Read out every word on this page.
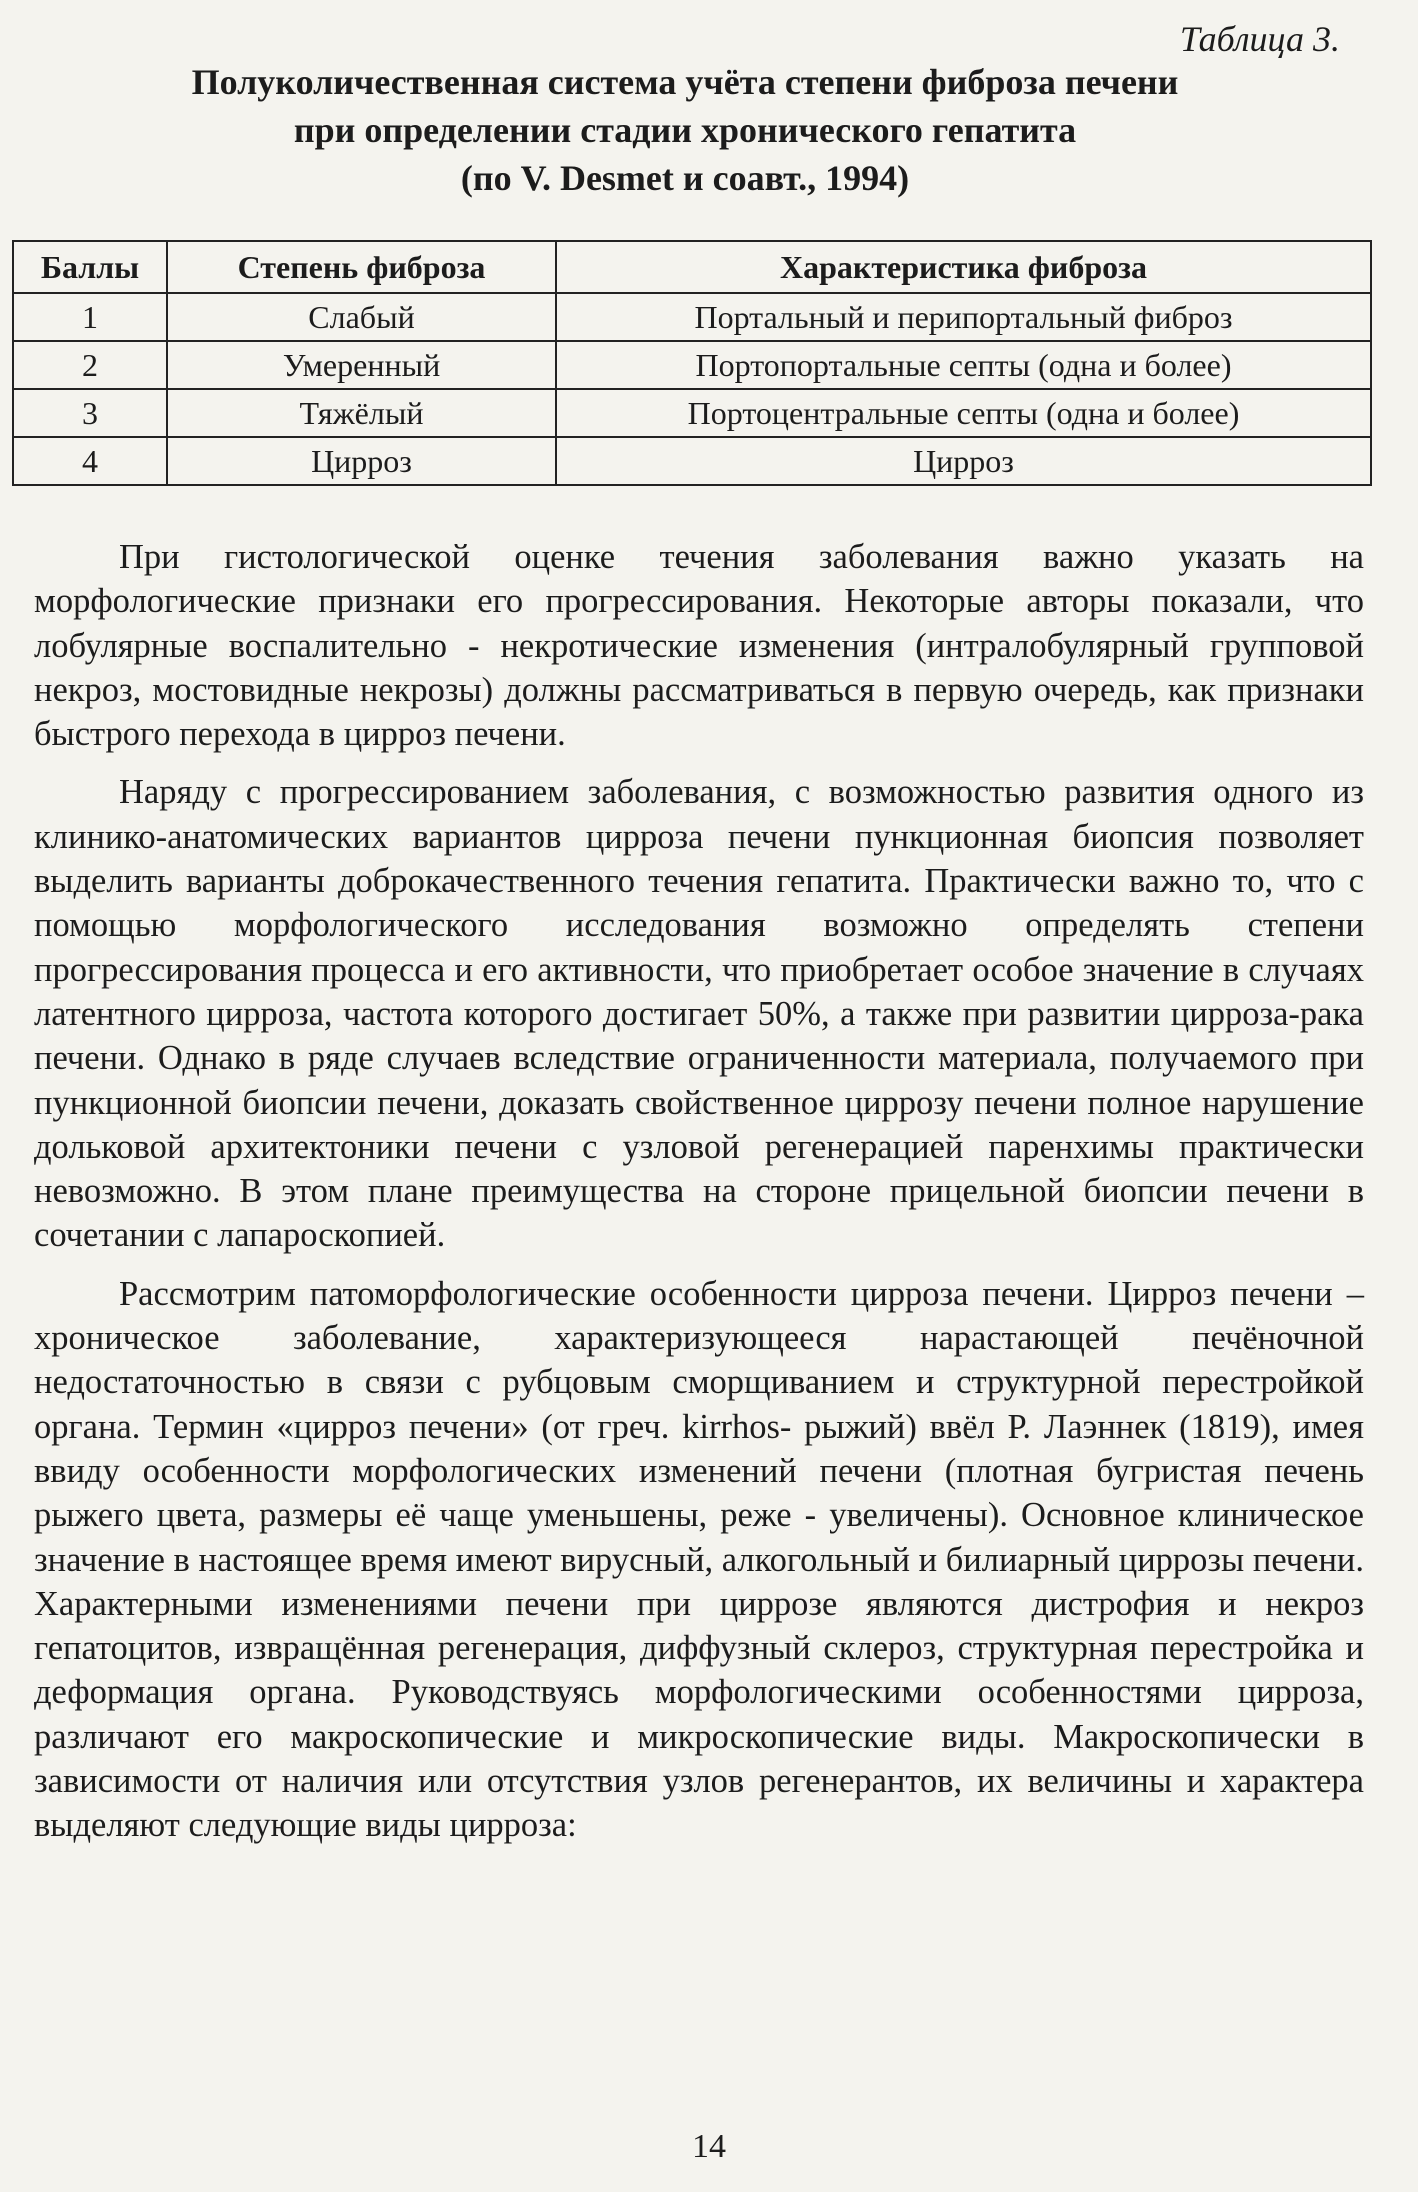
Таблица 3.
Полуколичественная система учёта степени фиброза печени
при определении стадии хронического гепатита
(по V. Desmet и соавт., 1994)
Баллы	Степень фиброза	Характеристика фиброза
1	Слабый	Портальный и перипортальный фиброз
2	Умеренный	Портопортальные септы (одна и более)
3	Тяжёлый	Портоцентральные септы (одна и более)
4	Цирроз	Цирроз

При гистологической оценке течения заболевания важно указать на морфологические признаки его прогрессирования. Некоторые авторы показали, что лобулярные воспалительно - некротические изменения (интралобулярный групповой некроз, мостовидные некрозы) должны рассматриваться в первую очередь, как признаки быстрого перехода в цирроз печени.

Наряду с прогрессированием заболевания, с возможностью развития одного из клинико-анатомических вариантов цирроза печени пункционная биопсия позволяет выделить варианты доброкачественного течения гепатита. Практически важно то, что с помощью морфологического исследования возможно определять степени прогрессирования процесса и его активности, что приобретает особое значение в случаях латентного цирроза, частота которого достигает 50%, а также при развитии цирроза-рака печени. Однако в ряде случаев вследствие ограниченности материала, получаемого при пункционной биопсии печени, доказать свойственное циррозу печени полное нарушение дольковой архитектоники печени с узловой регенерацией паренхимы практически невозможно. В этом плане преимущества на стороне прицельной биопсии печени в сочетании с лапароскопией.

Рассмотрим патоморфологические особенности цирроза печени. Цирроз печени – хроническое заболевание, характеризующееся нарастающей печёночной недостаточностью в связи с рубцовым сморщиванием и структурной перестройкой органа. Термин «цирроз печени» (от греч. kirrhos- рыжий) ввёл Р. Лаэннек (1819), имея ввиду особенности морфологических изменений печени (плотная бугристая печень рыжего цвета, размеры её чаще уменьшены, реже - увеличены). Основное клиническое значение в настоящее время имеют вирусный, алкогольный и билиарный циррозы печени. Характерными изменениями печени при циррозе являются дистрофия и некроз гепатоцитов, извращённая регенерация, диффузный склероз, структурная перестройка и деформация органа. Руководствуясь морфологическими особенностями цирроза, различают его макроскопические и микроскопические виды. Макроскопически в зависимости от наличия или отсутствия узлов регенерантов, их величины и характера выделяют следующие виды цирроза:

14
